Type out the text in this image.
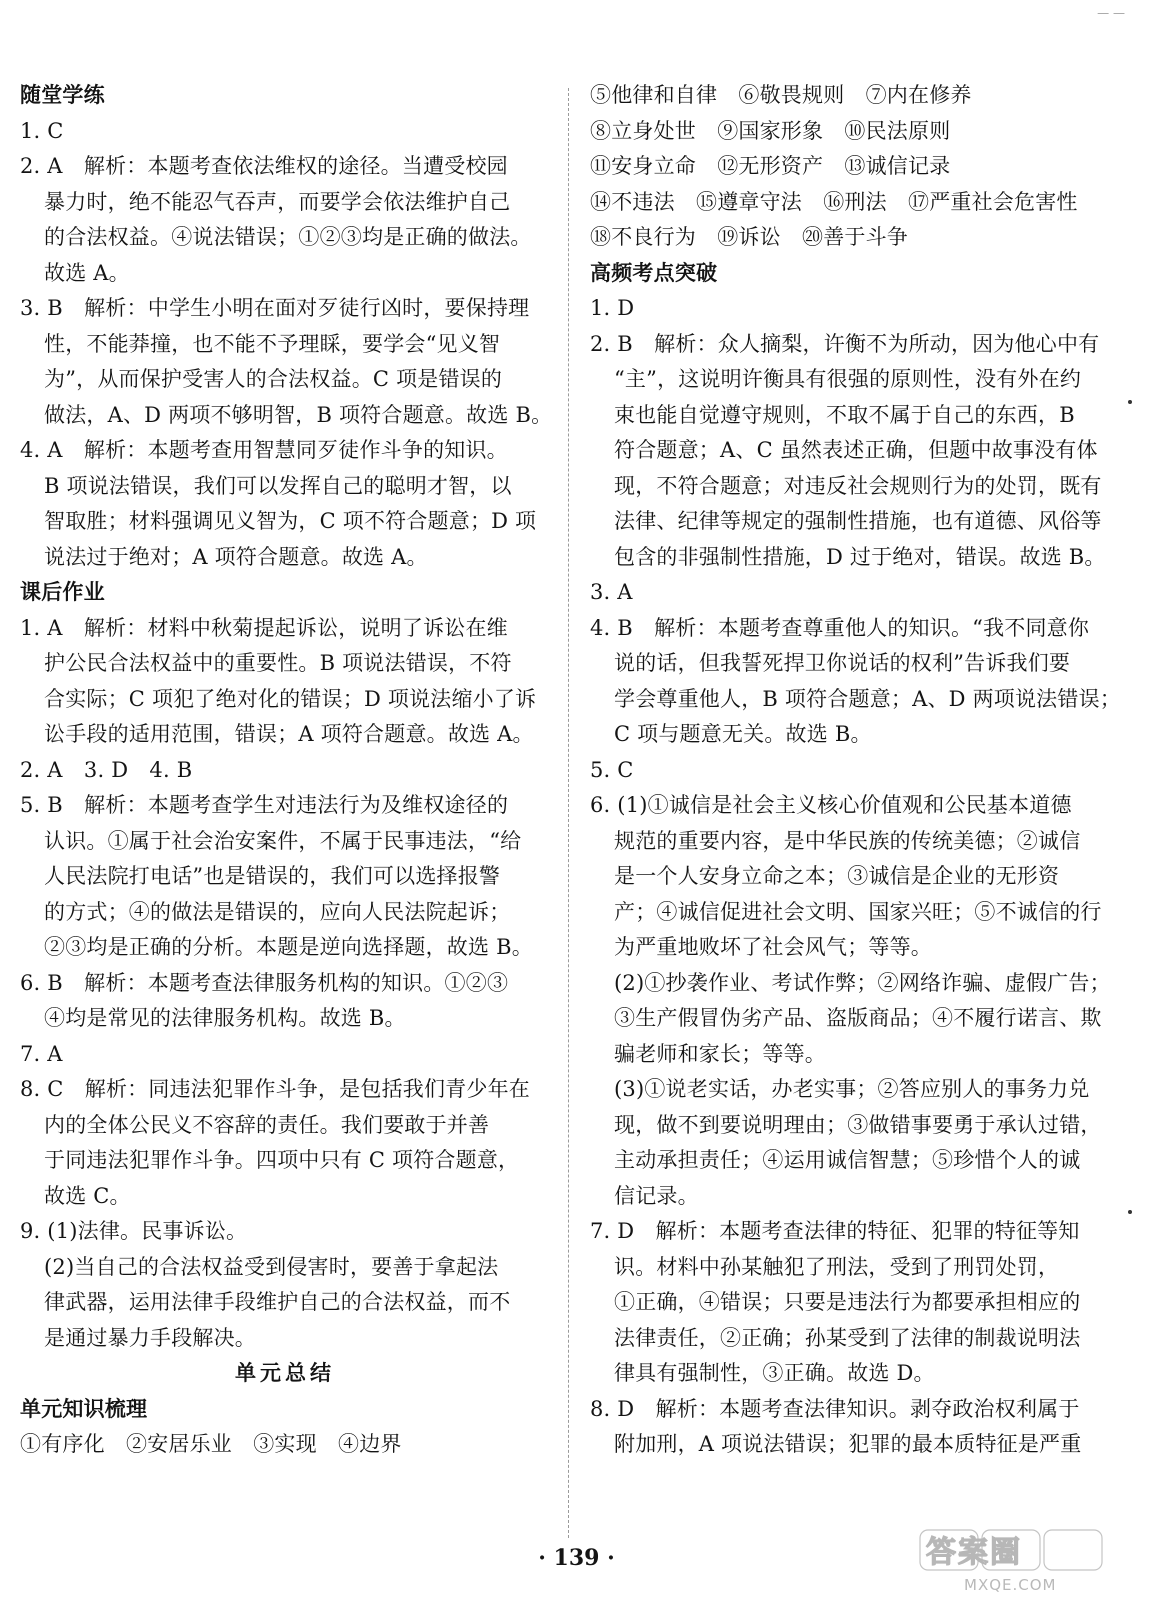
— —
随堂学练
1. C
2. A　解析：本题考查依法维权的途径。当遭受校园
暴力时，绝不能忍气吞声，而要学会依法维护自己
的合法权益。④说法错误；①②③均是正确的做法。
故选 A。
3. B　解析：中学生小明在面对歹徒行凶时，要保持理
性，不能莽撞，也不能不予理睬，要学会“见义智
为”，从而保护受害人的合法权益。C 项是错误的
做法，A、D 两项不够明智，B 项符合题意。故选 B。
4. A　解析：本题考查用智慧同歹徒作斗争的知识。
B 项说法错误，我们可以发挥自己的聪明才智，以
智取胜；材料强调见义智为，C 项不符合题意；D 项
说法过于绝对；A 项符合题意。故选 A。
课后作业
1. A　解析：材料中秋菊提起诉讼，说明了诉讼在维
护公民合法权益中的重要性。B 项说法错误，不符
合实际；C 项犯了绝对化的错误；D 项说法缩小了诉
讼手段的适用范围，错误；A 项符合题意。故选 A。
2. A　3. D　4. B
5. B　解析：本题考查学生对违法行为及维权途径的
认识。①属于社会治安案件，不属于民事违法，“给
人民法院打电话”也是错误的，我们可以选择报警
的方式；④的做法是错误的，应向人民法院起诉；
②③均是正确的分析。本题是逆向选择题，故选 B。
6. B　解析：本题考查法律服务机构的知识。①②③
④均是常见的法律服务机构。故选 B。
7. A
8. C　解析：同违法犯罪作斗争，是包括我们青少年在
内的全体公民义不容辞的责任。我们要敢于并善
于同违法犯罪作斗争。四项中只有 C 项符合题意，
故选 C。
9. (1)法律。民事诉讼。
(2)当自己的合法权益受到侵害时，要善于拿起法
律武器，运用法律手段维护自己的合法权益，而不
是通过暴力手段解决。
单元总结
单元知识梳理
①有序化　②安居乐业　③实现　④边界
⑤他律和自律　⑥敬畏规则　⑦内在修养
⑧立身处世　⑨国家形象　⑩民法原则
⑪安身立命　⑫无形资产　⑬诚信记录
⑭不违法　⑮遵章守法　⑯刑法　⑰严重社会危害性
⑱不良行为　⑲诉讼　⑳善于斗争
高频考点突破
1. D
2. B　解析：众人摘梨，许衡不为所动，因为他心中有
“主”，这说明许衡具有很强的原则性，没有外在约
束也能自觉遵守规则，不取不属于自己的东西，B
符合题意；A、C 虽然表述正确，但题中故事没有体
现，不符合题意；对违反社会规则行为的处罚，既有
法律、纪律等规定的强制性措施，也有道德、风俗等
包含的非强制性措施，D 过于绝对，错误。故选 B。
3. A
4. B　解析：本题考查尊重他人的知识。“我不同意你
说的话，但我誓死捍卫你说话的权利”告诉我们要
学会尊重他人，B 项符合题意；A、D 两项说法错误；
C 项与题意无关。故选 B。
5. C
6. (1)①诚信是社会主义核心价值观和公民基本道德
规范的重要内容，是中华民族的传统美德；②诚信
是一个人安身立命之本；③诚信是企业的无形资
产；④诚信促进社会文明、国家兴旺；⑤不诚信的行
为严重地败坏了社会风气；等等。
(2)①抄袭作业、考试作弊；②网络诈骗、虚假广告；
③生产假冒伪劣产品、盗版商品；④不履行诺言、欺
骗老师和家长；等等。
(3)①说老实话，办老实事；②答应别人的事务力兑
现，做不到要说明理由；③做错事要勇于承认过错，
主动承担责任；④运用诚信智慧；⑤珍惜个人的诚
信记录。
7. D　解析：本题考查法律的特征、犯罪的特征等知
识。材料中孙某触犯了刑法，受到了刑罚处罚，
①正确，④错误；只要是违法行为都要承担相应的
法律责任，②正确；孙某受到了法律的制裁说明法
律具有强制性，③正确。故选 D。
8. D　解析：本题考查法律知识。剥夺政治权利属于
附加刑，A 项说法错误；犯罪的最本质特征是严重
· 139 ·	答案圈
MXQE.COM
